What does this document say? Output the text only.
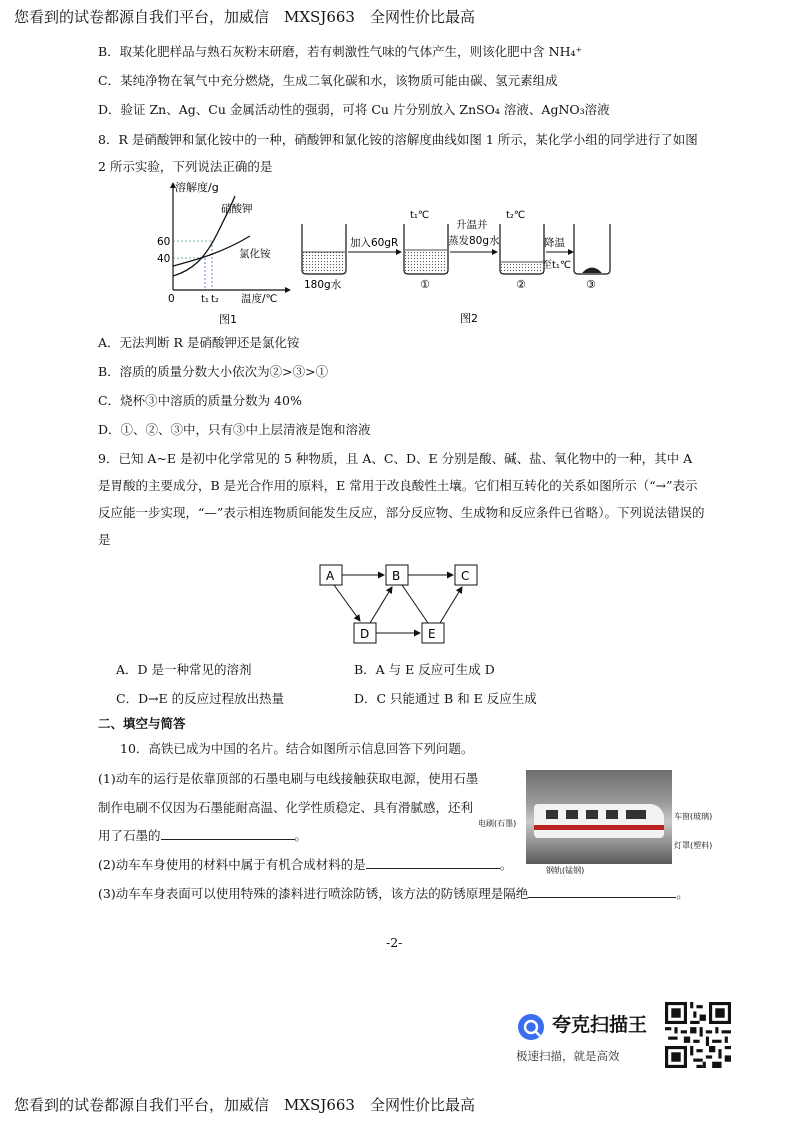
您看到的试卷都源自我们平台，加威信　MXSJ663　全网性价比最高
B．取某化肥样品与熟石灰粉末研磨，若有刺激性气味的气体产生，则该化肥中含 NH₄⁺
C．某纯净物在氧气中充分燃烧，生成二氧化碳和水，该物质可能由碳、氢元素组成
D．验证 Zn、Ag、Cu 金属活动性的强弱，可将 Cu 片分别放入 ZnSO₄ 溶液、AgNO₃溶液
8．R 是硝酸钾和氯化铵中的一种，硝酸钾和氯化铵的溶解度曲线如图 1 所示，某化学小组的同学进行了如图 2 所示实验，下列说法正确的是
溶解度/g
硝酸钾
氯化铵
60
40
0	t₁ t₂ 温度/℃
图1
180g水
加入60gR
t₁℃
①
升温并
蒸发80g水
t₂℃
②
降温
至t₁℃
③
图2
A．无法判断 R 是硝酸钾还是氯化铵
B．溶质的质量分数大小依次为②>③>①
C．烧杯③中溶质的质量分数为 40%
D．①、②、③中，只有③中上层清液是饱和溶液
9．已知 A~E 是初中化学常见的 5 种物质，且 A、C、D、E 分别是酸、碱、盐、氧化物中的一种，其中 A 是胃酸的主要成分，B 是光合作用的原料，E 常用于改良酸性土壤。它们相互转化的关系如图所示（“→”表示反应能一步实现，“—”表示相连物质间能发生反应，部分反应物、生成物和反应条件已省略）。下列说法错误的是
A	B	C
D	E
A．D 是一种常见的溶剂	B．A 与 E 反应可生成 D
C．D→E 的反应过程放出热量	D．C 只能通过 B 和 E 反应生成
二、填空与简答
10．高铁已成为中国的名片。结合如图所示信息回答下列问题。
(1)动车的运行是依靠顶部的石墨电刷与电线接触获取电源，使用石墨
制作电刷不仅因为石墨能耐高温、化学性质稳定、具有滑腻感，还利
用了石墨的	。
(2)动车车身使用的材料中属于有机合成材料的是	。
(3)动车车身表面可以使用特殊的漆料进行喷涂防锈，该方法的防锈原理是隔绝	。
电刷(石墨)
车窗(玻璃)
灯罩(塑料)
钢轨(锰钢)
-2-
夸克扫描王
极速扫描，就是高效
您看到的试卷都源自我们平台，加威信　MXSJ663　全网性价比最高
